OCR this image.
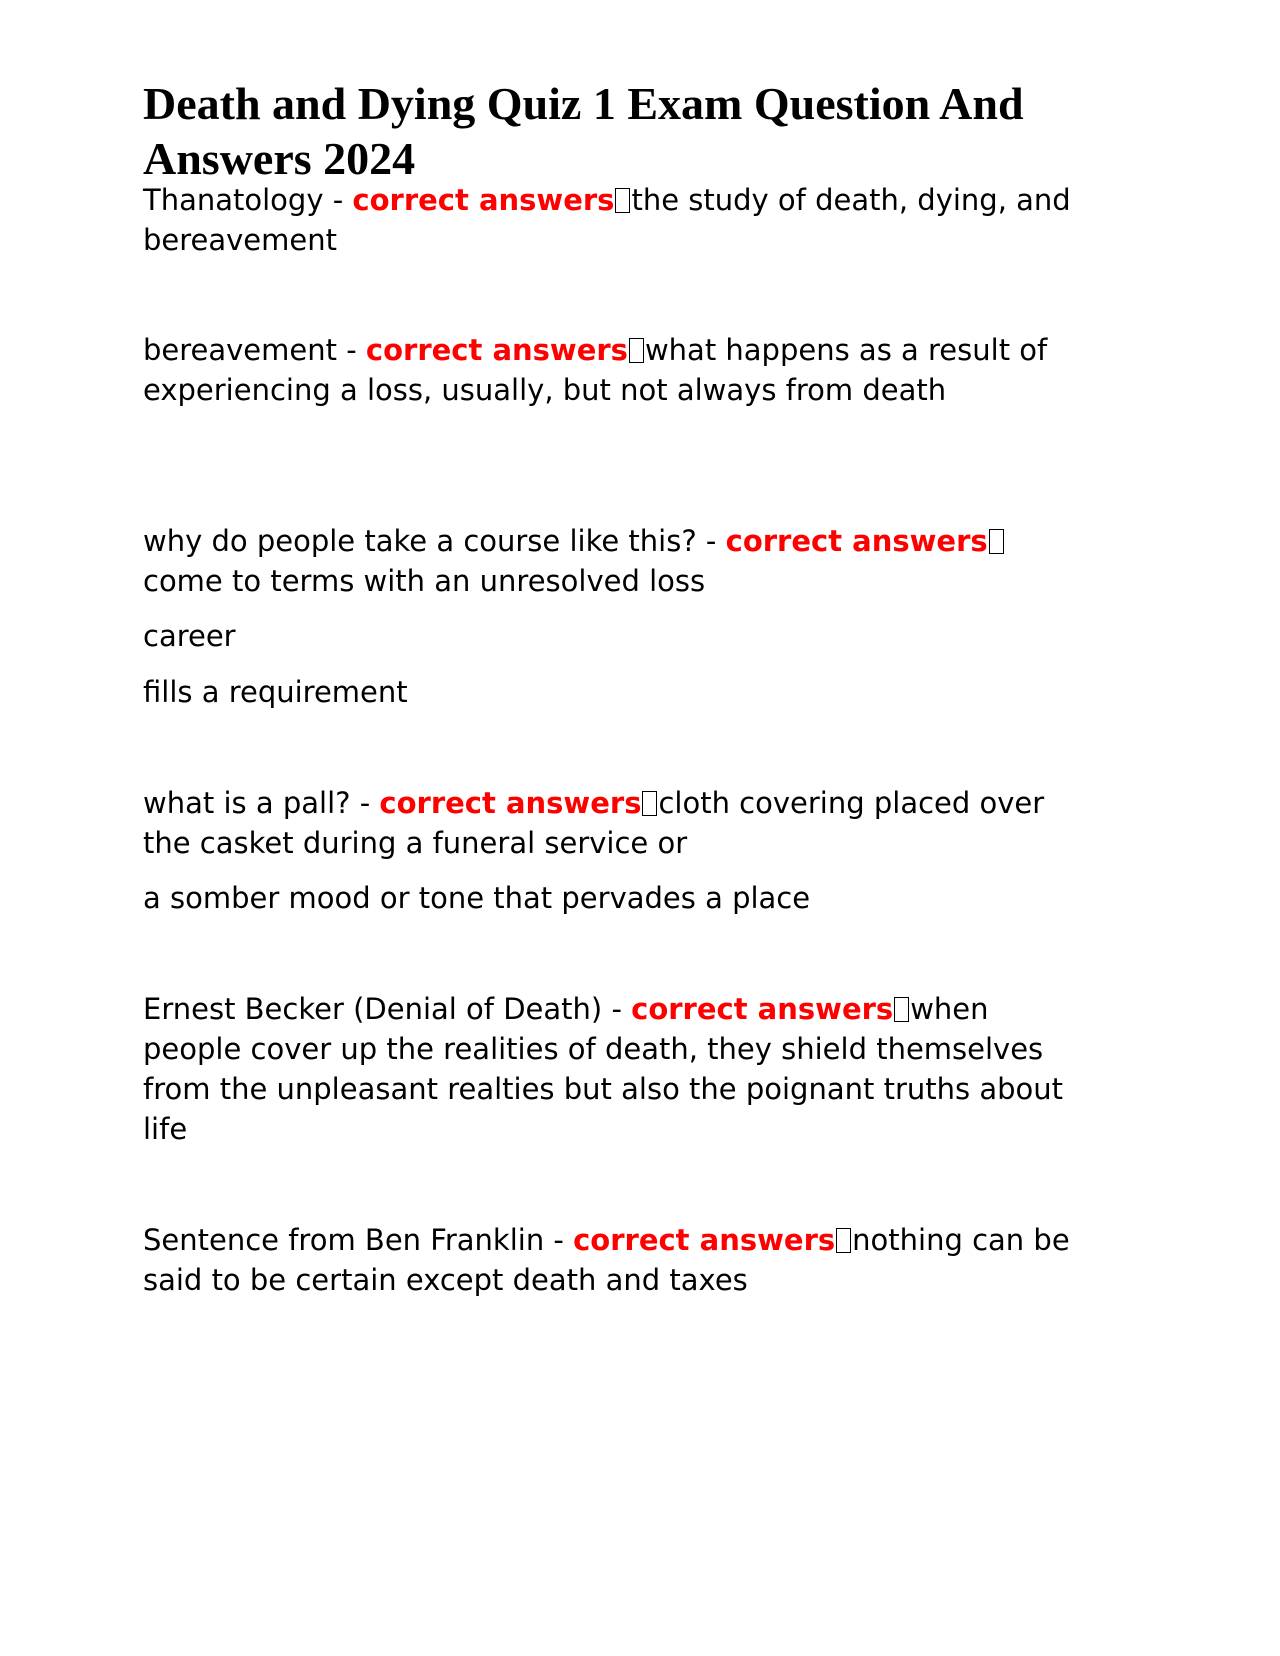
Death and Dying Quiz 1 Exam Question And Answers 2024

Thanatology - correct answers the study of death, dying, and bereavement

bereavement - correct answers what happens as a result of experiencing a loss, usually, but not always from death

why do people take a course like this? - correct answerscome to terms with an unresolved loss

career

fills a requirement

what is a pall? - correct answers cloth covering placed over the casket during a funeral service or

a somber mood or tone that pervades a place

Ernest Becker (Denial of Death) - correct answers when people cover up the realities of death, they shield themselves from the unpleasant realties but also the poignant truths about life

Sentence from Ben Franklin - correct answers nothing can be said to be certain except death and taxes
